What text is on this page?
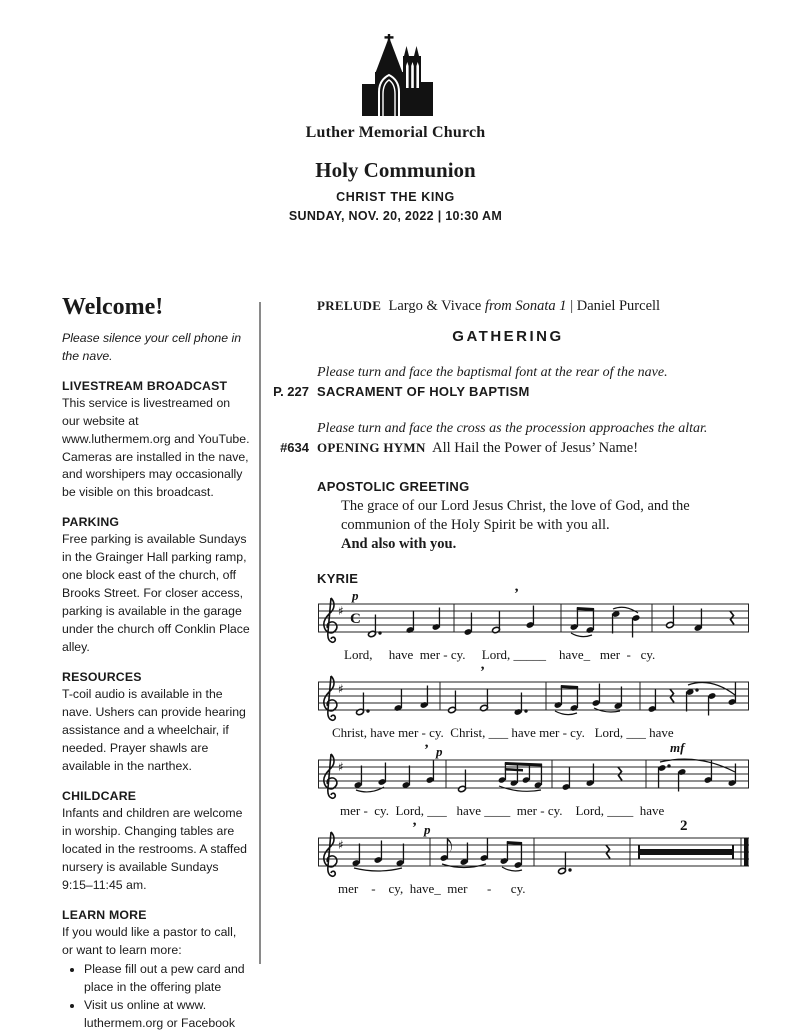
Luther Memorial Church
Holy Communion
CHRIST THE KING
SUNDAY, NOV. 20, 2022 | 10:30 AM
Welcome!
Please silence your cell phone in the nave.
LIVESTREAM BROADCAST
This service is livestreamed on our website at www.luthermem.org and YouTube. Cameras are installed in the nave, and worshipers may occasionally be visible on this broadcast.
PARKING
Free parking is available Sundays in the Grainger Hall parking ramp, one block east of the church, off Brooks Street. For closer access, parking is available in the garage under the church off Conklin Place alley.
RESOURCES
T-coil audio is available in the nave. Ushers can provide hearing assistance and a wheelchair, if needed. Prayer shawls are available in the narthex.
CHILDCARE
Infants and children are welcome in worship. Changing tables are located in the restrooms. A staffed nursery is available Sundays 9:15–11:45 am.
LEARN MORE
If you would like a pastor to call, or want to learn more:
• Please fill out a pew card and place in the offering plate
• Visit us online at www. luthermem.org or Facebook
PRELUDE Largo & Vivace from Sonata 1 | Daniel Purcell
GATHERING
Please turn and face the baptismal font at the rear of the nave.
P. 227 SACRAMENT OF HOLY BAPTISM
Please turn and face the cross as the procession approaches the altar.
#634 OPENING HYMN All Hail the Power of Jesus’ Name!
APOSTOLIC GREETING
The grace of our Lord Jesus Christ, the love of God, and the communion of the Holy Spirit be with you all.
And also with you.
KYRIE
p	’
♯ C
Lord,     have  mer - cy.     Lord, _____    have_   mer  -   cy.
’
♯
Christ, have mer - cy.  Christ, ___ have mer - cy.   Lord, ___ have
’ p	mf
♯
mer -  cy.  Lord, ___   have ____  mer - cy.    Lord, ____  have
’ p	2
♯
mer    -    cy,  have_  mer      -      cy.
